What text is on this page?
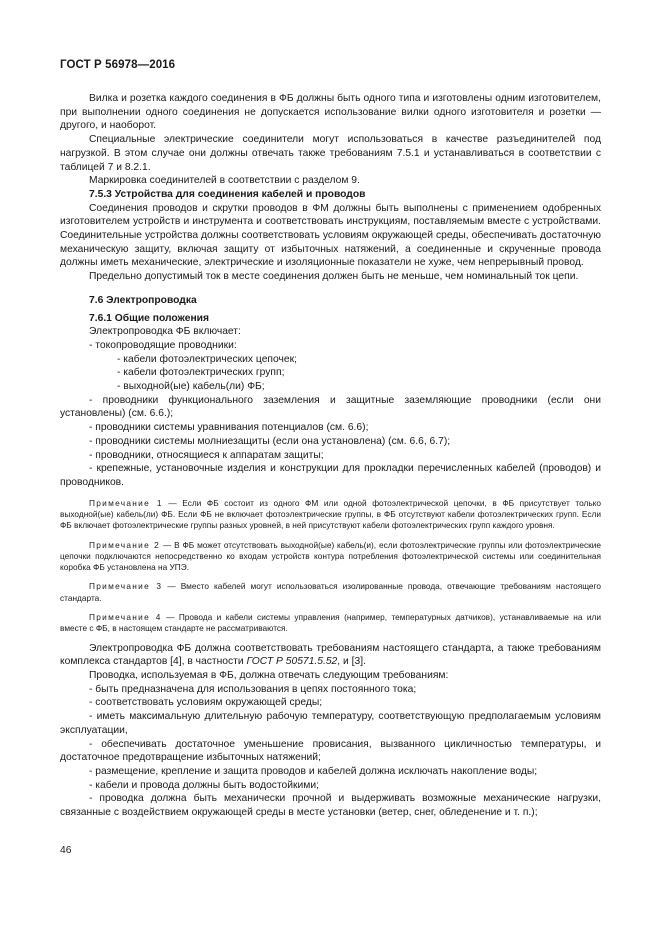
ГОСТ Р 56978—2016

Вилка и розетка каждого соединения в ФБ должны быть одного типа и изготовлены одним изготовителем, при выполнении одного соединения не допускается использование вилки одного изготовителя и розетки — другого, и наоборот.

Специальные электрические соединители могут использоваться в качестве разъединителей под нагрузкой. В этом случае они должны отвечать также требованиям 7.5.1 и устанавливаться в соответствии с таблицей 7 и 8.2.1.

Маркировка соединителей в соответствии с разделом 9.

7.5.3 Устройства для соединения кабелей и проводов

Соединения проводов и скрутки проводов в ФМ должны быть выполнены с применением одобренных изготовителем устройств и инструмента и соответствовать инструкциям, поставляемым вместе с устройствами. Соединительные устройства должны соответствовать условиям окружающей среды, обеспечивать достаточную механическую защиту, включая защиту от избыточных натяжений, а соединенные и скрученные провода должны иметь механические, электрические и изоляционные показатели не хуже, чем непрерывный провод.

Предельно допустимый ток в месте соединения должен быть не меньше, чем номинальный ток цепи.

7.6 Электропроводка

7.6.1 Общие положения

Электропроводка ФБ включает:

- токопроводящие проводники:

- кабели фотоэлектрических цепочек;

- кабели фотоэлектрических групп;

- выходной(ые) кабель(ли) ФБ;

- проводники функционального заземления и защитные заземляющие проводники (если они установлены) (см. 6.6.);

- проводники системы уравнивания потенциалов (см. 6.6);

- проводники системы молниезащиты (если она установлена) (см. 6.6, 6.7);

- проводники, относящиеся к аппаратам защиты;

- крепежные, установочные изделия и конструкции для прокладки перечисленных кабелей (проводов) и проводников.

Примечание 1 — Если ФБ состоит из одного ФМ или одной фотоэлектрической цепочки, в ФБ присутствует только выходной(ые) кабель(ли) ФБ. Если ФБ не включает фотоэлектрические группы, в ФБ отсутствуют кабели фотоэлектрических групп. Если ФБ включает фотоэлектрические группы разных уровней, в ней присутствуют кабели фотоэлектрических групп каждого уровня.

Примечание 2 — В ФБ может отсутствовать выходной(ые) кабель(и), если фотоэлектрические группы или фотоэлектрические цепочки подключаются непосредственно ко входам устройств контура потребления фотоэлектрической системы или соединительная коробка ФБ установлена на УПЭ.

Примечание 3 — Вместо кабелей могут использоваться изолированные провода, отвечающие требованиям настоящего стандарта.

Примечание 4 — Провода и кабели системы управления (например, температурных датчиков), устанавливаемые на или вместе с ФБ, в настоящем стандарте не рассматриваются.

Электропроводка ФБ должна соответствовать требованиям настоящего стандарта, а также требованиям комплекса стандартов [4], в частности ГОСТ Р 50571.5.52, и [3].

Проводка, используемая в ФБ, должна отвечать следующим требованиям:

- быть предназначена для использования в цепях постоянного тока;

- соответствовать условиям окружающей среды;

- иметь максимальную длительную рабочую температуру, соответствующую предполагаемым условиям эксплуатации,

- обеспечивать достаточное уменьшение провисания, вызванного цикличностью температуры, и достаточное предотвращение избыточных натяжений;

- размещение, крепление и защита проводов и кабелей должна исключать накопление воды;

- кабели и провода должны быть водостойкими;

- проводка должна быть механически прочной и выдерживать возможные механические нагрузки, связанные с воздействием окружающей среды в месте установки (ветер, снег, обледенение и т. п.);

46
